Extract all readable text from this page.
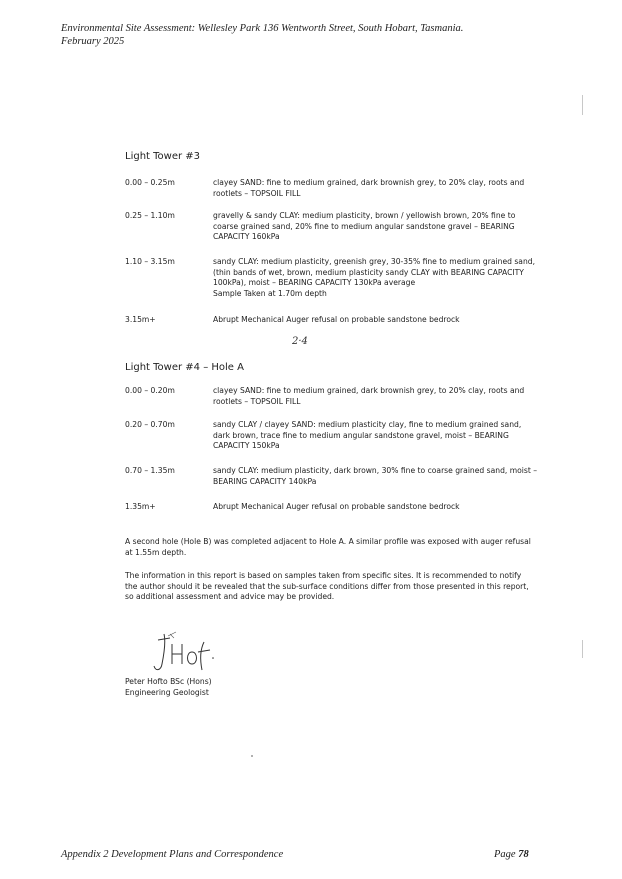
Environmental Site Assessment: Wellesley Park 136 Wentworth Street, South Hobart, Tasmania.
February 2025
Light Tower #3
0.00 – 0.25m	clayey SAND: fine to medium grained, dark brownish grey, to 20% clay, roots and rootlets – TOPSOIL FILL
0.25 – 1.10m	gravelly & sandy CLAY: medium plasticity, brown / yellowish brown, 20% fine to coarse grained sand, 20% fine to medium angular sandstone gravel – BEARING CAPACITY 160kPa
1.10 – 3.15m	sandy CLAY: medium plasticity, greenish grey, 30-35% fine to medium grained sand, (thin bands of wet, brown, medium plasticity sandy CLAY with BEARING CAPACITY 100kPa), moist – BEARING CAPACITY 130kPa average
Sample Taken at 1.70m depth
3.15m+	Abrupt Mechanical Auger refusal on probable sandstone bedrock
2·4
Light Tower #4 – Hole A
0.00 – 0.20m	clayey SAND: fine to medium grained, dark brownish grey, to 20% clay, roots and rootlets – TOPSOIL FILL
0.20 – 0.70m	sandy CLAY / clayey SAND: medium plasticity clay, fine to medium grained sand, dark brown, trace fine to medium angular sandstone gravel, moist – BEARING CAPACITY 150kPa
0.70 – 1.35m	sandy CLAY: medium plasticity, dark brown, 30% fine to coarse grained sand, moist – BEARING CAPACITY 140kPa
1.35m+	Abrupt Mechanical Auger refusal on probable sandstone bedrock
A second hole (Hole B) was completed adjacent to Hole A. A similar profile was exposed with auger refusal at 1.55m depth.
The information in this report is based on samples taken from specific sites. It is recommended to notify the author should it be revealed that the sub-surface conditions differ from those presented in this report, so additional assessment and advice may be provided.
Peter Hofto BSc (Hons)
Engineering Geologist
Appendix 2 Development Plans and Correspondence	Page 78
